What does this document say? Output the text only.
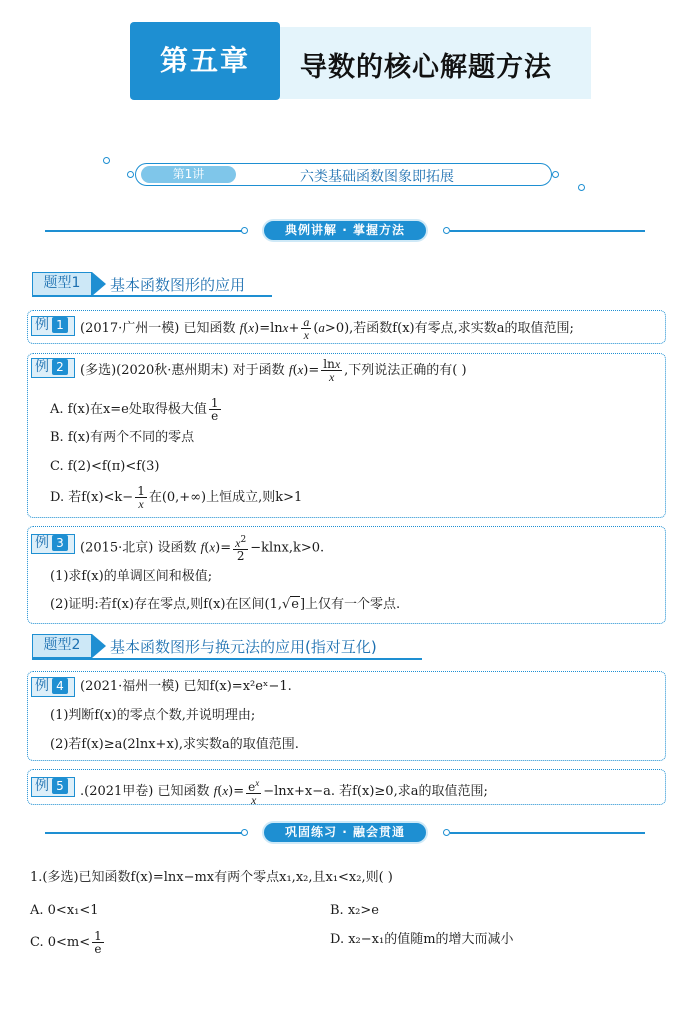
第五章	导数的核心解题方法
第1讲	六类基础函数图象即拓展
典例讲解 · 掌握方法
题型1	基本函数图形的应用
例 1	(2017·广州一模) 已知函数 $f(x)=\ln x+ \frac{a}{x} (a>0)$,若函数f(x)有零点,求实数a的取值范围;
例 2	(多选)(2020秋·惠州期末) 对于函数 $f(x)= \frac{\ln x}{x}$ ,下列说法正确的有( )
A. f(x)在x=e处取得极大值 $\frac{1}{e}$
B. f(x)有两个不同的零点
C. f(2)<f(π)<f(3)
D. 若$f(x)<k- \frac{1}{x}$ 在(0,+∞)上恒成立,则k>1
例 3	(2015·北京) 设函数 $f(x)= \frac{x^2}{2} -klnx,k>0$.
(1)求f(x)的单调区间和极值;
(2)证明:若f(x)存在零点,则f(x)在区间(1,√e]上仅有一个零点.
题型2	基本函数图形与换元法的应用(指对互化)
例 4	(2021·福州一模) 已知f(x)=x²eˣ−1.
(1)判断f(x)的零点个数,并说明理由;
(2)若f(x)≥a(2lnx+x),求实数a的取值范围.
例 5	.(2021甲卷) 已知函数 $f(x)= \frac{e^x}{x} -\ln x+x-a$. 若f(x)≥0,求a的取值范围;
巩固练习 · 融会贯通
1.(多选)已知函数f(x)=lnx−mx有两个零点x₁,x₂,且x₁<x₂,则( )
A. 0<x₁<1	B. x₂>e
C. $0<m< \frac{1}{e}$	D. x₂−x₁的值随m的增大而减小
